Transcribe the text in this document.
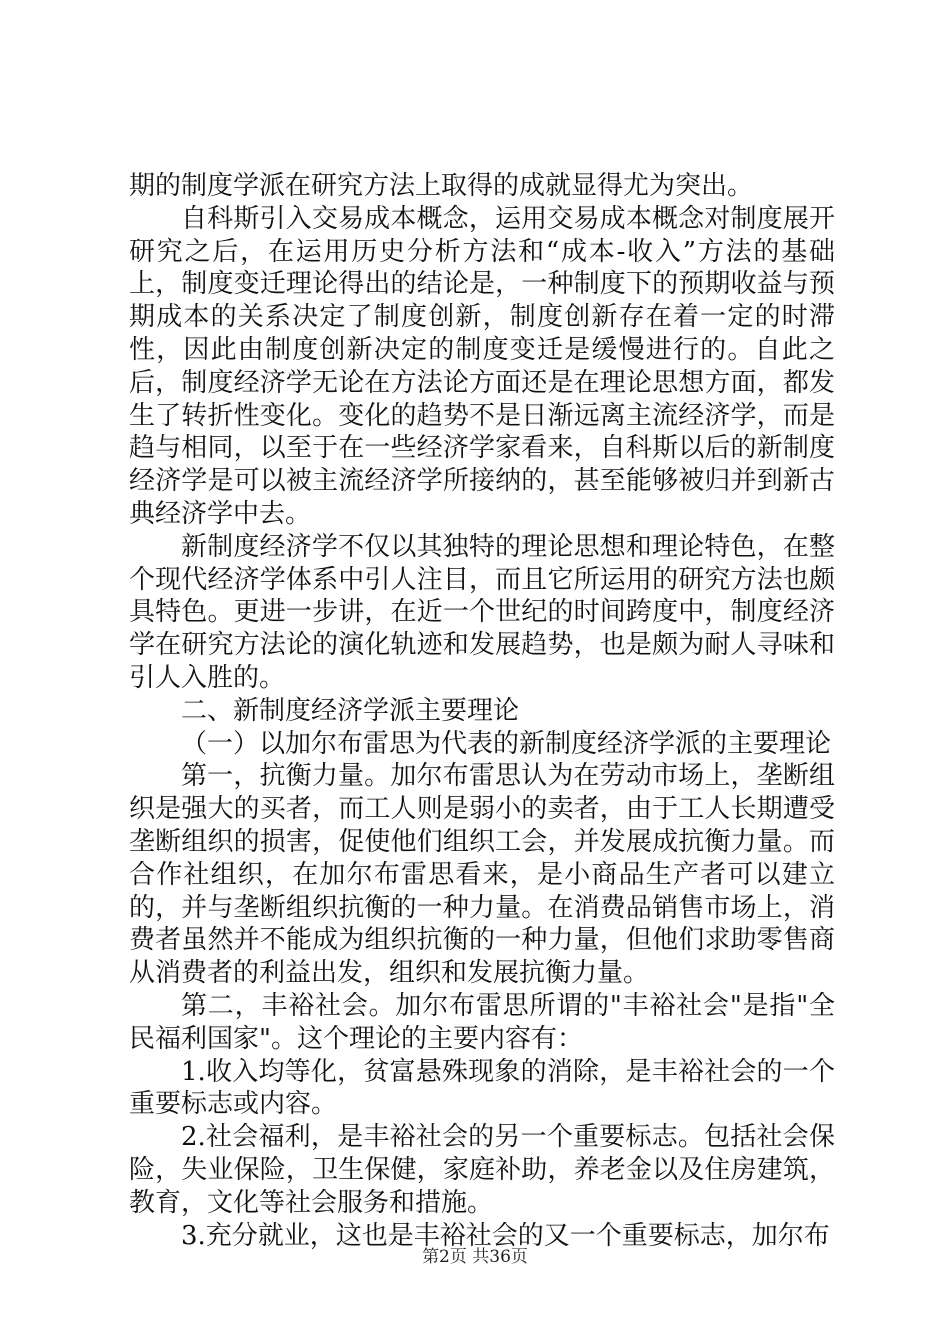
期的制度学派在研究方法上取得的成就显得尤为突出。

自科斯引入交易成本概念，运用交易成本概念对制度展开研究之后，在运用历史分析方法和“成本-收入”方法的基础上，制度变迁理论得出的结论是，一种制度下的预期收益与预期成本的关系决定了制度创新，制度创新存在着一定的时滞性，因此由制度创新决定的制度变迁是缓慢进行的。自此之后，制度经济学无论在方法论方面还是在理论思想方面，都发生了转折性变化。变化的趋势不是日渐远离主流经济学，而是趋与相同，以至于在一些经济学家看来，自科斯以后的新制度经济学是可以被主流经济学所接纳的，甚至能够被归并到新古典经济学中去。

新制度经济学不仅以其独特的理论思想和理论特色，在整个现代经济学体系中引人注目，而且它所运用的研究方法也颇具特色。更进一步讲，在近一个世纪的时间跨度中，制度经济学在研究方法论的演化轨迹和发展趋势，也是颇为耐人寻味和引人入胜的。

二、新制度经济学派主要理论

（一）以加尔布雷思为代表的新制度经济学派的主要理论

第一，抗衡力量。加尔布雷思认为在劳动市场上，垄断组织是强大的买者，而工人则是弱小的卖者，由于工人长期遭受垄断组织的损害，促使他们组织工会，并发展成抗衡力量。而合作社组织，在加尔布雷思看来，是小商品生产者可以建立的，并与垄断组织抗衡的一种力量。在消费品销售市场上，消费者虽然并不能成为组织抗衡的一种力量，但他们求助零售商从消费者的利益出发，组织和发展抗衡力量。

第二，丰裕社会。加尔布雷思所谓的"丰裕社会"是指"全民福利国家"。这个理论的主要内容有：

1.收入均等化，贫富悬殊现象的消除，是丰裕社会的一个重要标志或内容。

2.社会福利，是丰裕社会的另一个重要标志。包括社会保险，失业保险，卫生保健，家庭补助，养老金以及住房建筑，教育，文化等社会服务和措施。

3.充分就业，这也是丰裕社会的又一个重要标志，加尔布

第2页 共36页
